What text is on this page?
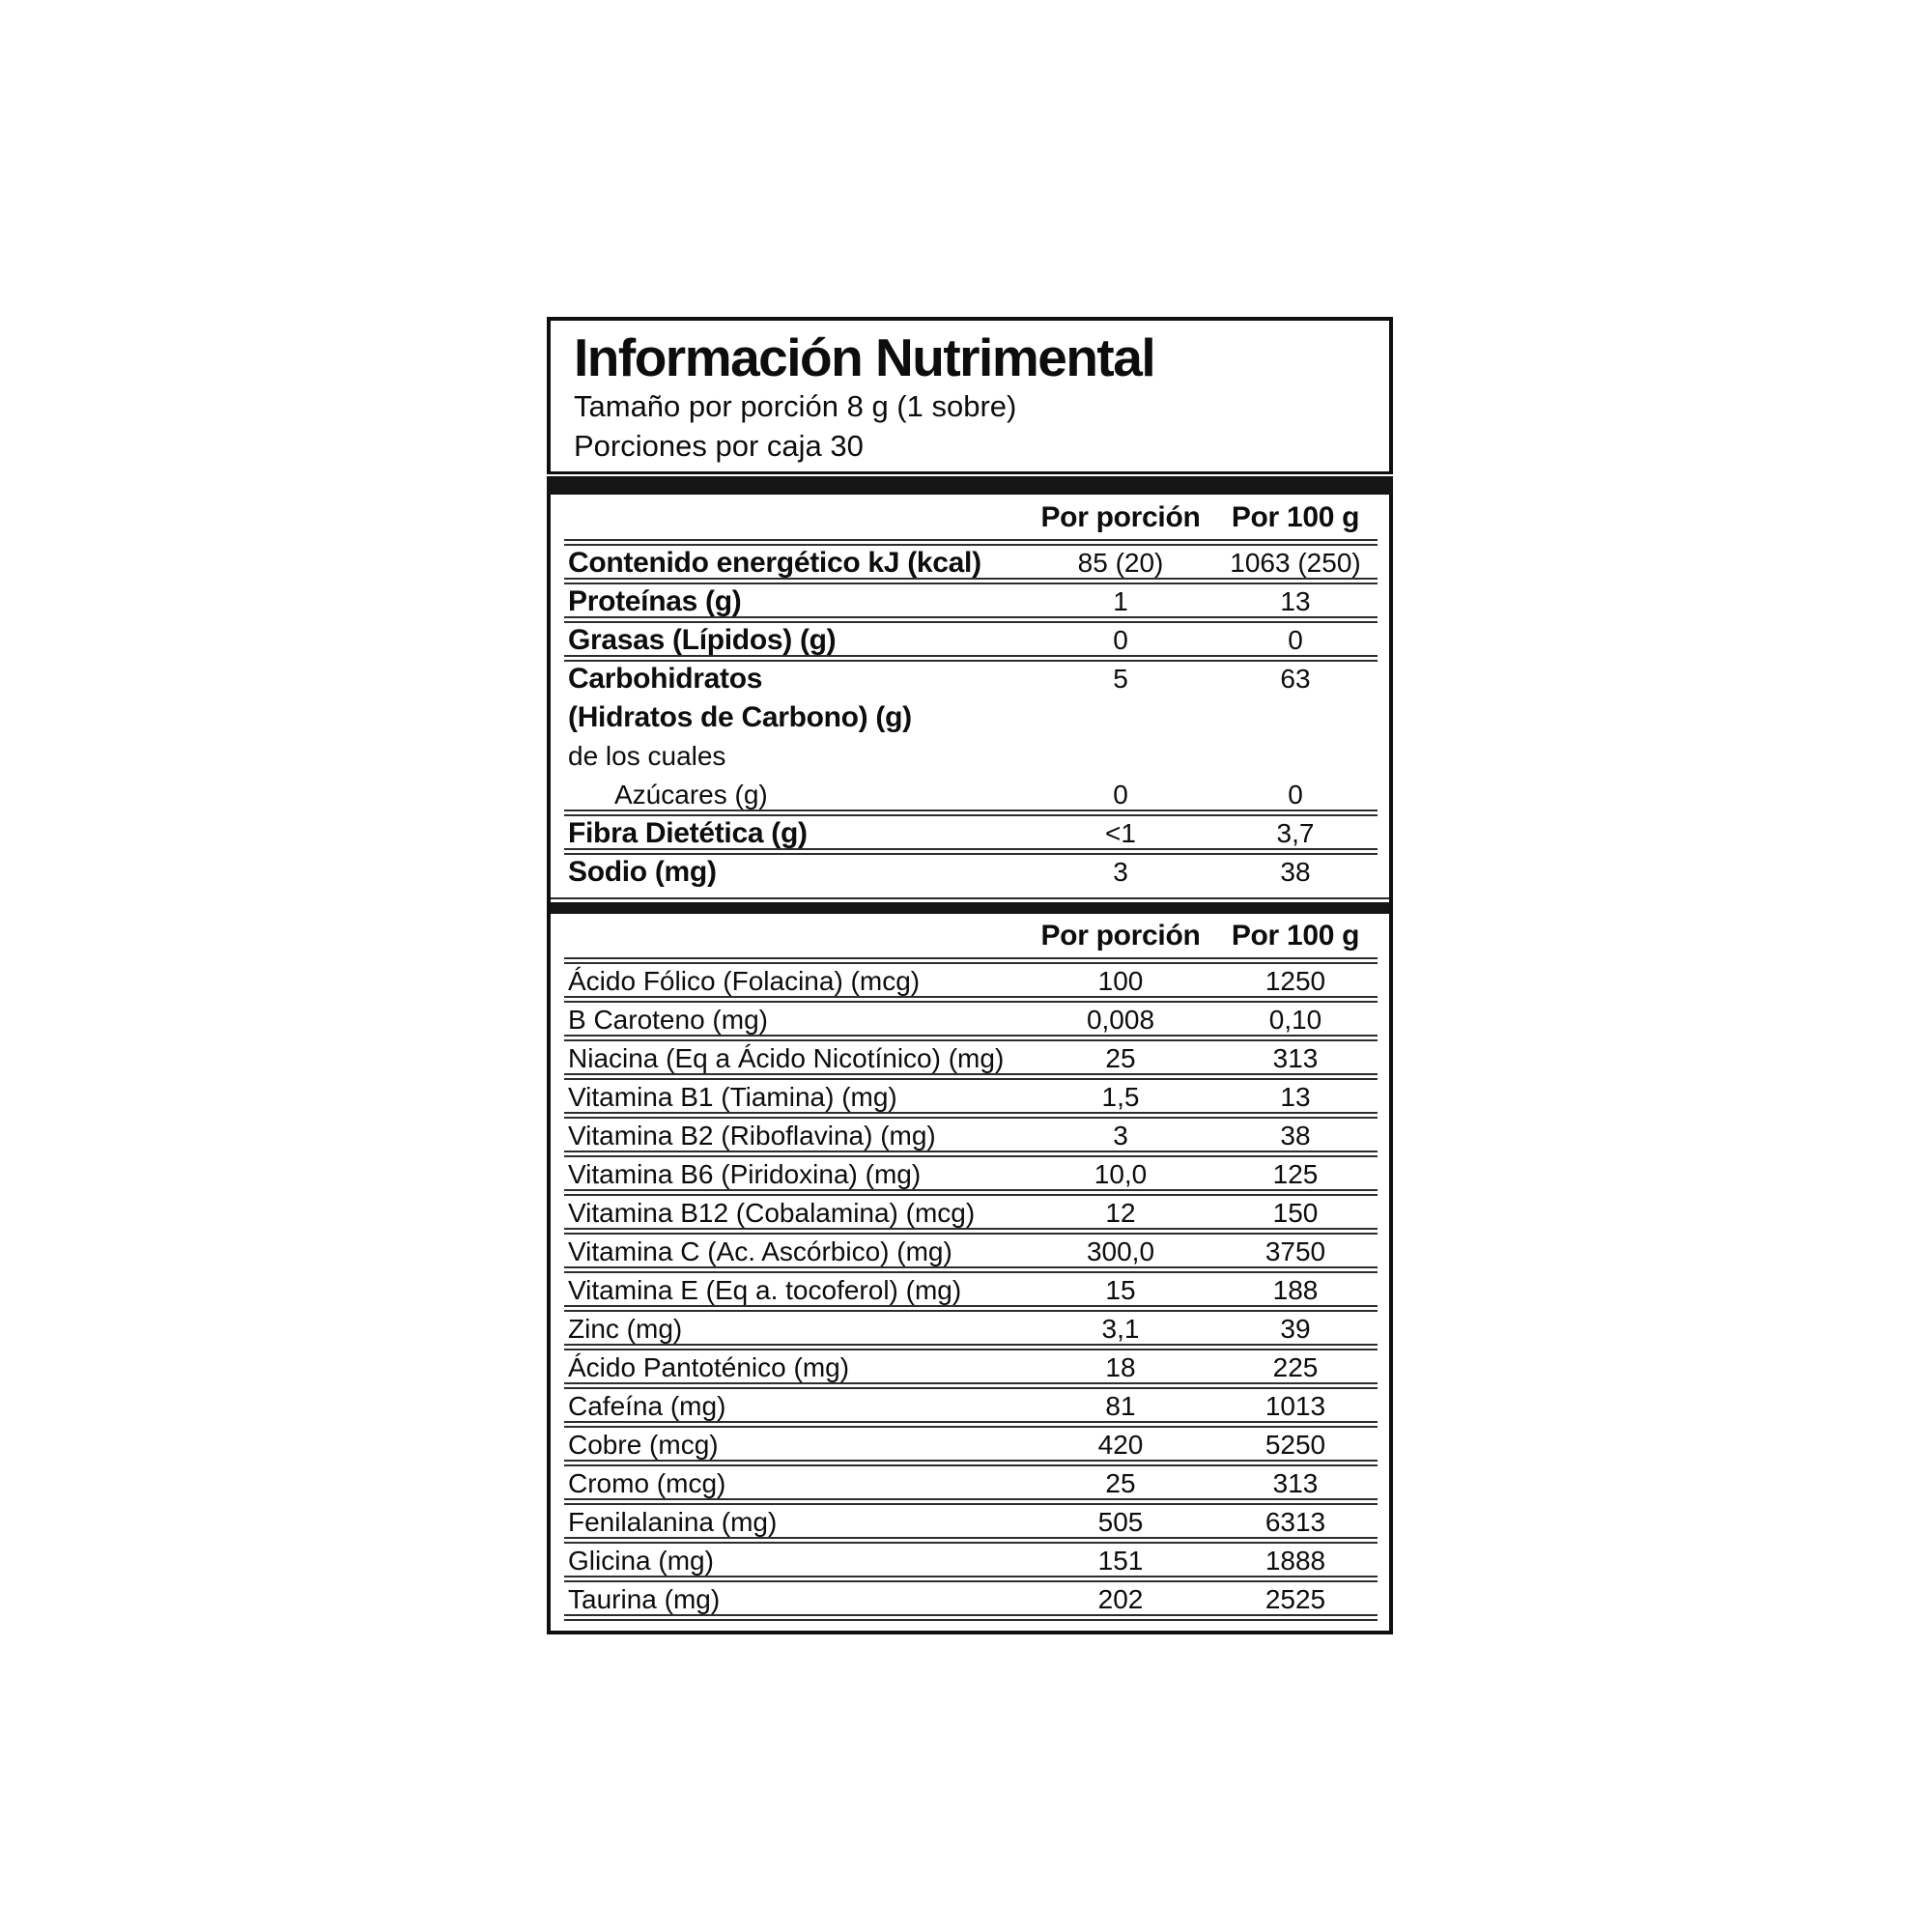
Información Nutrimental
Tamaño por porción 8 g (1 sobre)
Porciones por caja 30
Por porción	Por 100 g
Contenido energético kJ (kcal)	85 (20)	1063 (250)
Proteínas (g)	1	13
Grasas (Lípidos) (g)	0	0
Carbohidratos	5	63
(Hidratos de Carbono) (g)
de los cuales
Azúcares (g)	0	0
Fibra Dietética (g)	<1	3,7
Sodio (mg)	3	38
Por porción	Por 100 g
Ácido Fólico (Folacina) (mcg)	100	1250
B Caroteno (mg)	0,008	0,10
Niacina (Eq a Ácido Nicotínico) (mg)	25	313
Vitamina B1 (Tiamina) (mg)	1,5	13
Vitamina B2 (Riboflavina) (mg)	3	38
Vitamina B6 (Piridoxina) (mg)	10,0	125
Vitamina B12 (Cobalamina) (mcg)	12	150
Vitamina C (Ac. Ascórbico) (mg)	300,0	3750
Vitamina E (Eq a. tocoferol) (mg)	15	188
Zinc (mg)	3,1	39
Ácido Pantoténico (mg)	18	225
Cafeína (mg)	81	1013
Cobre (mcg)	420	5250
Cromo (mcg)	25	313
Fenilalanina (mg)	505	6313
Glicina (mg)	151	1888
Taurina (mg)	202	2525
